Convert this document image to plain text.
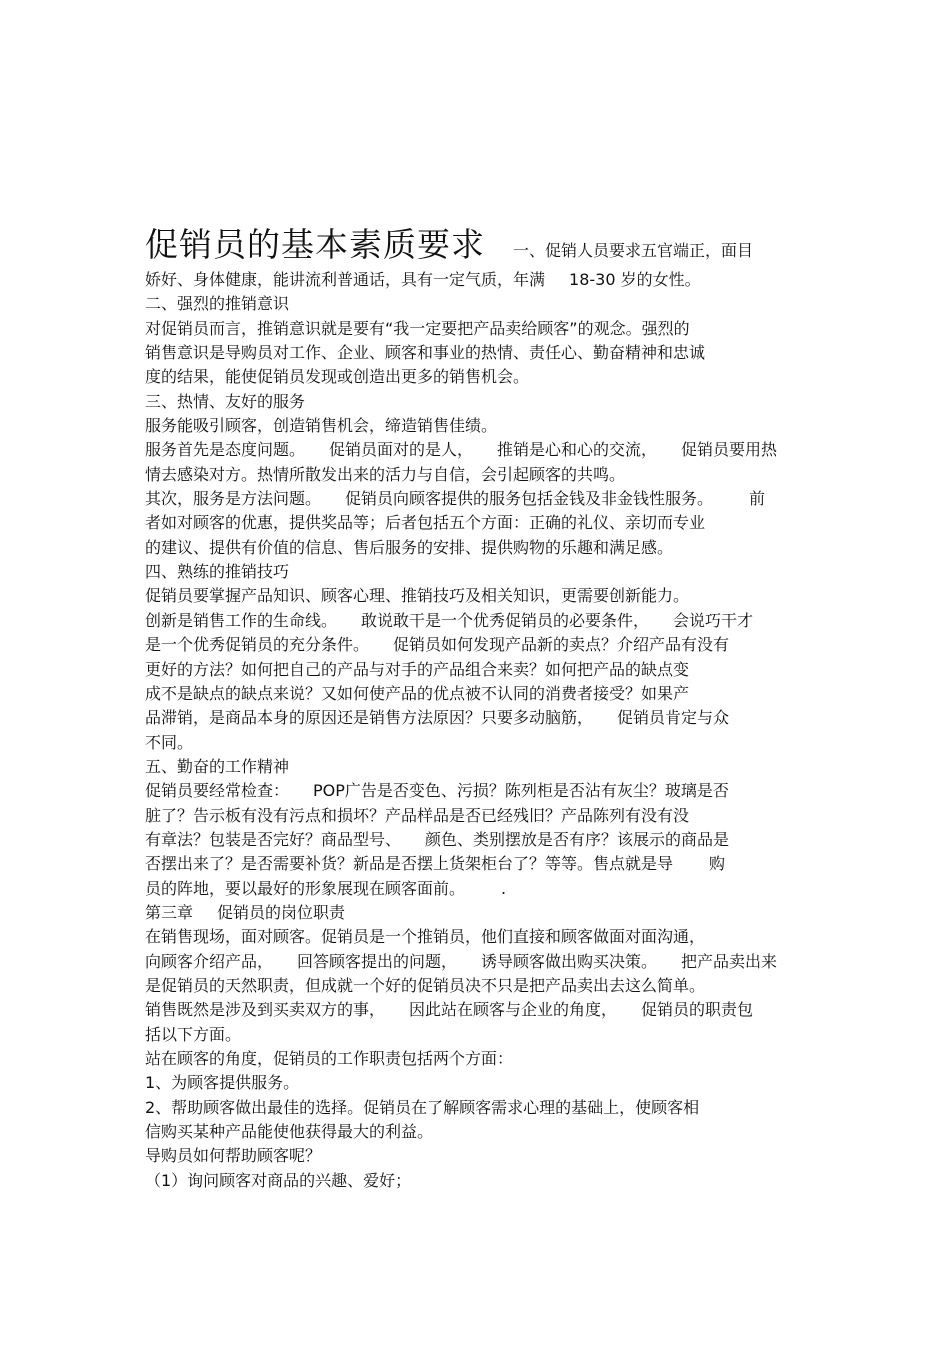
促销员的基本素质要求 一、促销人员要求五官端正，面目
娇好、身体健康，能讲流利普通话，具有一定气质，年满 18-30 岁的女性。
二、强烈的推销意识
对促销员而言，推销意识就是要有“我一定要把产品卖给顾客”的观念。强烈的
销售意识是导购员对工作、企业、顾客和事业的热情、责任心、勤奋精神和忠诚
度的结果，能使促销员发现或创造出更多的销售机会。
三、热情、友好的服务
服务能吸引顾客，创造销售机会，缔造销售佳绩。
服务首先是态度问题。 促销员面对的是人， 推销是心和心的交流， 促销员要用热
情去感染对方。热情所散发出来的活力与自信，会引起顾客的共鸣。
其次，服务是方法问题。 促销员向顾客提供的服务包括金钱及非金钱性服务。 前
者如对顾客的优惠，提供奖品等；后者包括五个方面：正确的礼仪、亲切而专业
的建议、提供有价值的信息、售后服务的安排、提供购物的乐趣和满足感。
四、熟练的推销技巧
促销员要掌握产品知识、顾客心理、推销技巧及相关知识，更需要创新能力。
创新是销售工作的生命线。 敢说敢干是一个优秀促销员的必要条件， 会说巧干才
是一个优秀促销员的充分条件。 促销员如何发现产品新的卖点？介绍产品有没有
更好的方法？如何把自己的产品与对手的产品组合来卖？如何把产品的缺点变
成不是缺点的缺点来说？又如何使产品的优点被不认同的消费者接受？如果产
品滞销，是商品本身的原因还是销售方法原因？只要多动脑筋， 促销员肯定与众
不同。
五、勤奋的工作精神
促销员要经常检查： POP广告是否变色、污损？陈列柜是否沾有灰尘？玻璃是否
脏了？告示板有没有污点和损坏？产品样品是否已经残旧？产品陈列有没有没
有章法？包装是否完好？商品型号、 颜色、类别摆放是否有序？该展示的商品是
否摆出来了？是否需要补货？新品是否摆上货架柜台了？等等。售点就是导 购
员的阵地，要以最好的形象展现在顾客面前。 .
第三章 促销员的岗位职责
在销售现场，面对顾客。促销员是一个推销员，他们直接和顾客做面对面沟通，
向顾客介绍产品， 回答顾客提出的问题， 诱导顾客做出购买决策。 把产品卖出来
是促销员的天然职责，但成就一个好的促销员决不只是把产品卖出去这么简单。
销售既然是涉及到买卖双方的事， 因此站在顾客与企业的角度， 促销员的职责包
括以下方面。
站在顾客的角度，促销员的工作职责包括两个方面：
1、为顾客提供服务。
2、帮助顾客做出最佳的选择。促销员在了解顾客需求心理的基础上，使顾客相
信购买某种产品能使他获得最大的利益。
导购员如何帮助顾客呢？
（1）询问顾客对商品的兴趣、爱好；
